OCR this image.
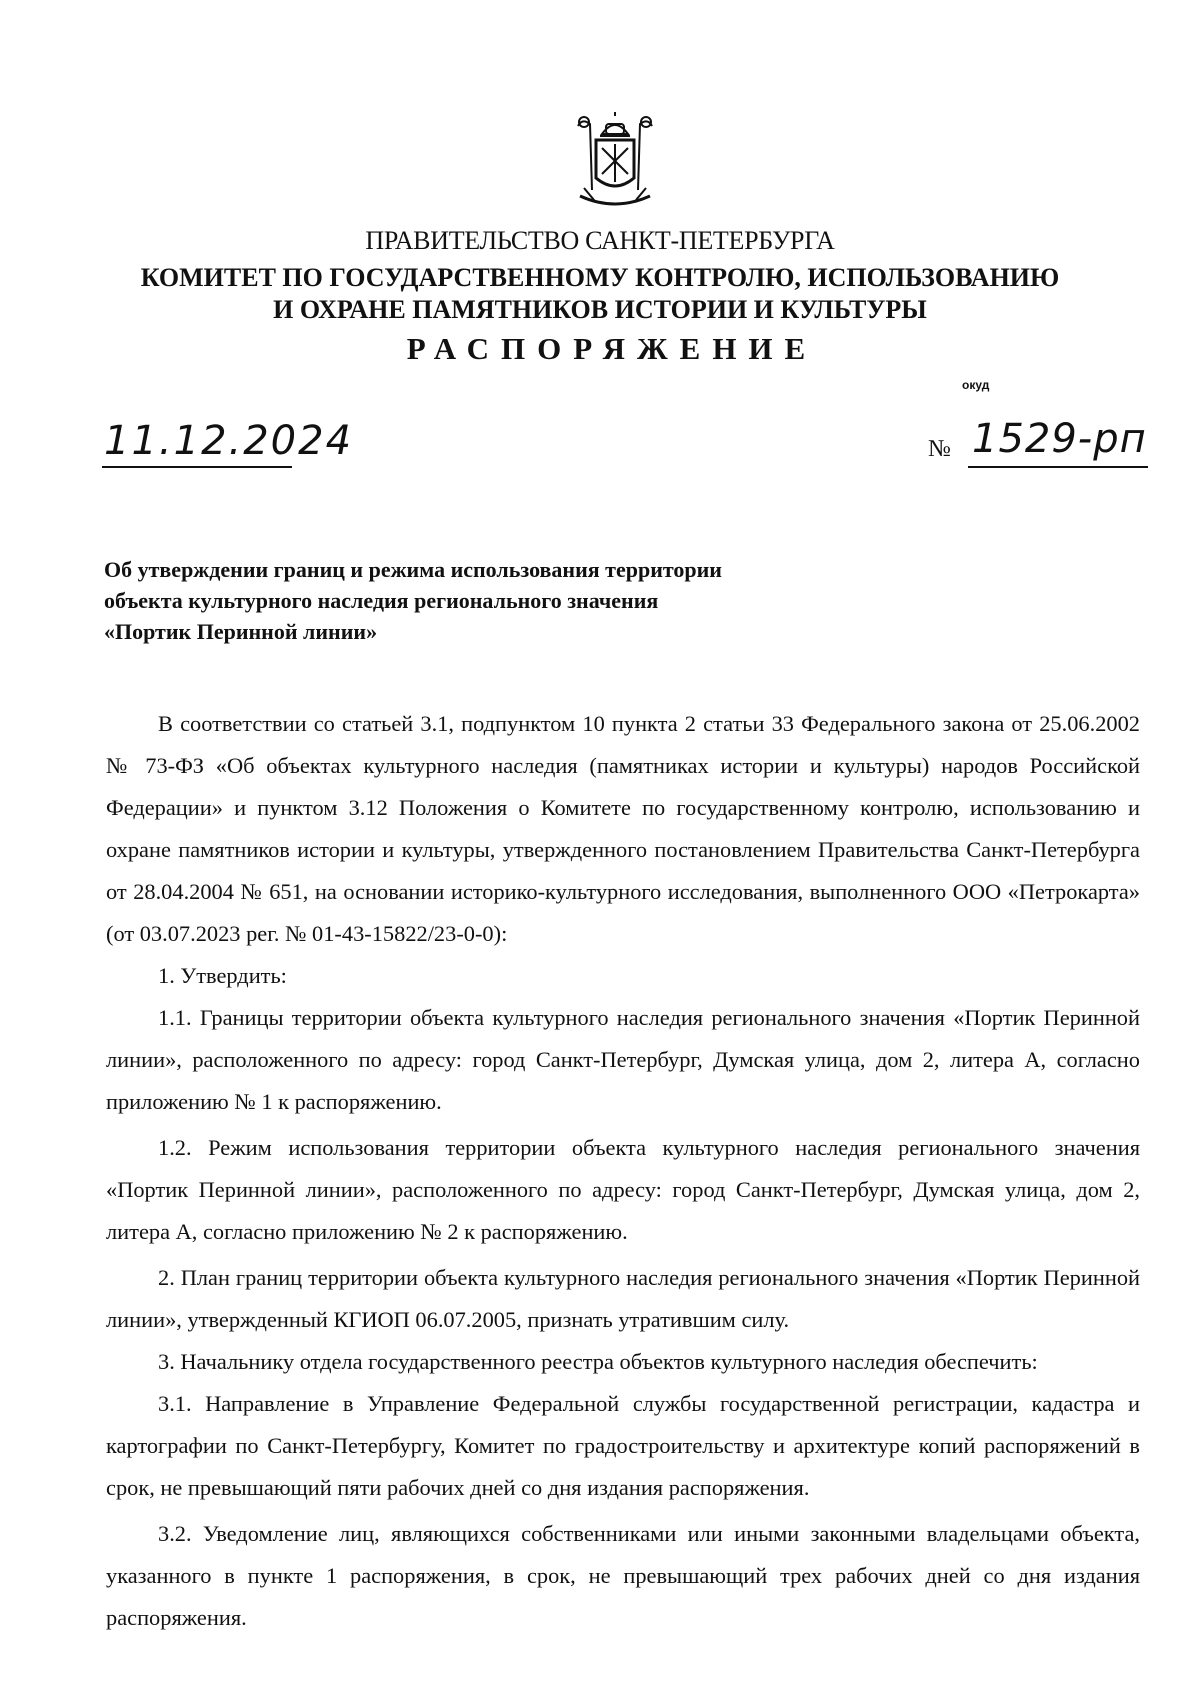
ПРАВИТЕЛЬСТВО САНКТ-ПЕТЕРБУРГА
КОМИТЕТ ПО ГОСУДАРСТВЕННОМУ КОНТРОЛЮ, ИСПОЛЬЗОВАНИЮ
И ОХРАНЕ ПАМЯТНИКОВ ИСТОРИИ И КУЛЬТУРЫ
РАСПОРЯЖЕНИЕ
окуд
11.12.2024	№ 1529-рп
Об утверждении границ и режима использования территории
объекта культурного наследия регионального значения
«Портик Перинной линии»

В соответствии со статьей 3.1, подпунктом 10 пункта 2 статьи 33 Федерального закона от 25.06.2002 № 73-ФЗ «Об объектах культурного наследия (памятниках истории и культуры) народов Российской Федерации» и пунктом 3.12 Положения о Комитете по государственному контролю, использованию и охране памятников истории и культуры, утвержденного постановлением Правительства Санкт-Петербурга от 28.04.2004 № 651, на основании историко-культурного исследования, выполненного ООО «Петрокарта» (от 03.07.2023 рег. № 01-43-15822/23-0-0):

1. Утвердить:

1.1. Границы территории объекта культурного наследия регионального значения «Портик Перинной линии», расположенного по адресу: город Санкт-Петербург, Думская улица, дом 2, литера А, согласно приложению № 1 к распоряжению.

1.2. Режим использования территории объекта культурного наследия регионального значения «Портик Перинной линии», расположенного по адресу: город Санкт-Петербург, Думская улица, дом 2, литера А, согласно приложению № 2 к распоряжению.

2. План границ территории объекта культурного наследия регионального значения «Портик Перинной линии», утвержденный КГИОП 06.07.2005, признать утратившим силу.

3. Начальнику отдела государственного реестра объектов культурного наследия обеспечить:

3.1. Направление в Управление Федеральной службы государственной регистрации, кадастра и картографии по Санкт-Петербургу, Комитет по градостроительству и архитектуре копий распоряжений в срок, не превышающий пяти рабочих дней со дня издания распоряжения.

3.2. Уведомление лиц, являющихся собственниками или иными законными владельцами объекта, указанного в пункте 1 распоряжения, в срок, не превышающий трех рабочих дней со дня издания распоряжения.
